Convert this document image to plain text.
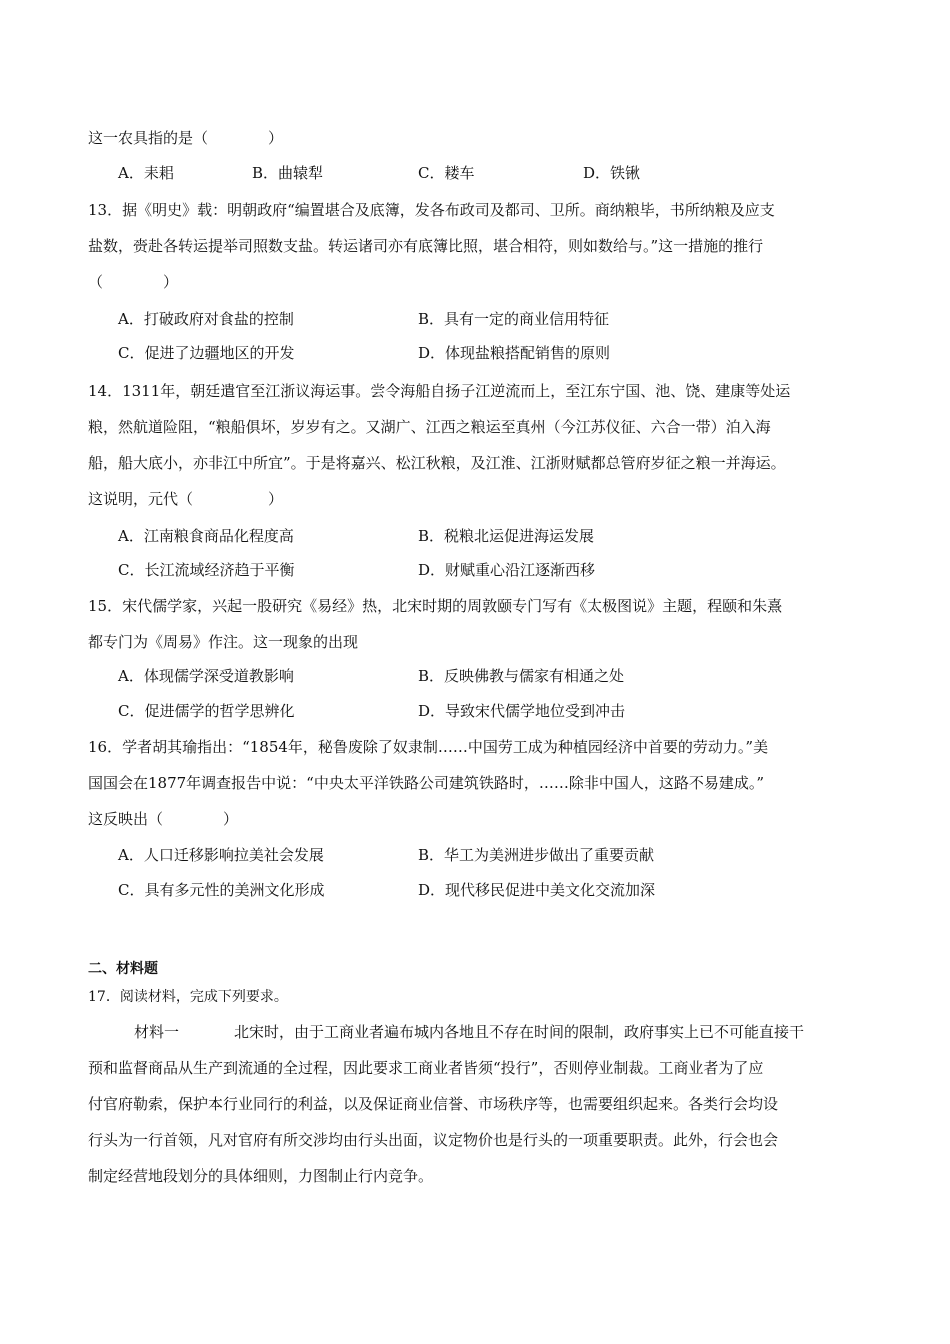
这一农具指的是（　　　　）
A．耒耜	B．曲辕犁	C．耧车	D．铁锹
13．据《明史》载：明朝政府“编置堪合及底簿，发各布政司及都司、卫所。商纳粮毕，书所纳粮及应支
盐数，赍赴各转运提举司照数支盐。转运诸司亦有底簿比照，堪合相符，则如数给与。”这一措施的推行
（　　　　）
A．打破政府对食盐的控制	B．具有一定的商业信用特征
C．促进了边疆地区的开发	D．体现盐粮搭配销售的原则
14．1311年，朝廷遣官至江浙议海运事。尝令海船自扬子江逆流而上，至江东宁国、池、饶、建康等处运
粮，然航道险阻，“粮船俱坏，岁岁有之。又湖广、江西之粮运至真州（今江苏仪征、六合一带）泊入海
船，船大底小，亦非江中所宜”。于是将嘉兴、松江秋粮，及江淮、江浙财赋都总管府岁征之粮一并海运。
这说明，元代（　　　　　）
A．江南粮食商品化程度高	B．税粮北运促进海运发展
C．长江流域经济趋于平衡	D．财赋重心沿江逐渐西移
15．宋代儒学家，兴起一股研究《易经》热，北宋时期的周敦颐专门写有《太极图说》主题，程颐和朱熹
都专门为《周易》作注。这一现象的出现
A．体现儒学深受道教影响	B．反映佛教与儒家有相通之处
C．促进儒学的哲学思辨化	D．导致宋代儒学地位受到冲击
16．学者胡其瑜指出：“1854年，秘鲁废除了奴隶制……中国劳工成为种植园经济中首要的劳动力。”美
国国会在1877年调查报告中说：“中央太平洋铁路公司建筑铁路时，……除非中国人，这路不易建成。”
这反映出（　　　　）
A．人口迁移影响拉美社会发展	B．华工为美洲进步做出了重要贡献
C．具有多元性的美洲文化形成	D．现代移民促进中美文化交流加深
二、材料题
17．阅读材料，完成下列要求。
材料一	北宋时，由于工商业者遍布城内各地且不存在时间的限制，政府事实上已不可能直接干
预和监督商品从生产到流通的全过程，因此要求工商业者皆须“投行”，否则停业制裁。工商业者为了应
付官府勒索，保护本行业同行的利益，以及保证商业信誉、市场秩序等，也需要组织起来。各类行会均设
行头为一行首领，凡对官府有所交涉均由行头出面，议定物价也是行头的一项重要职责。此外，行会也会
制定经营地段划分的具体细则，力图制止行内竞争。
